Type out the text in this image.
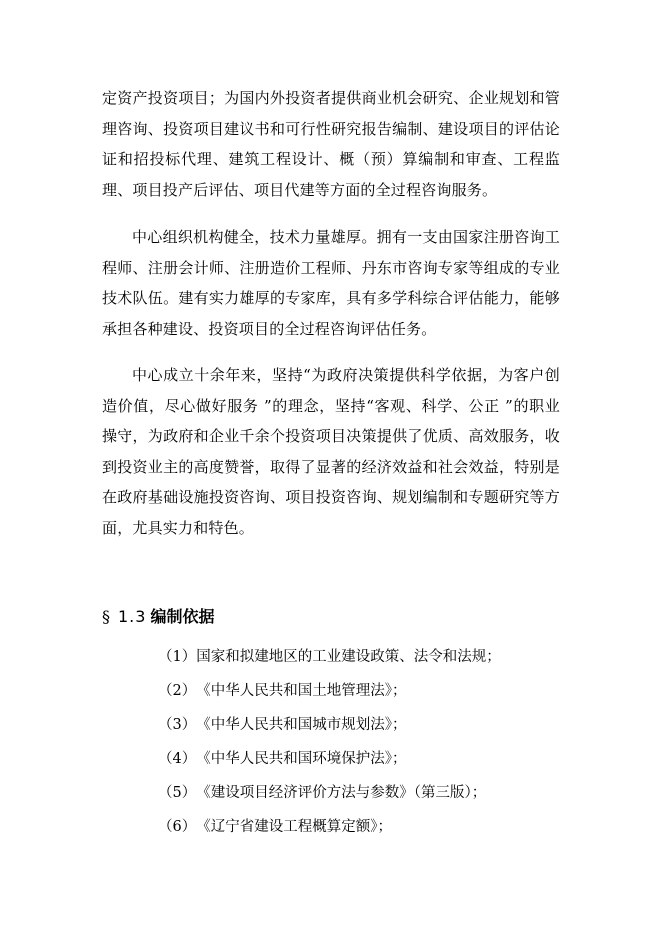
定资产投资项目；为国内外投资者提供商业机会研究、企业规划和管理咨询、投资项目建议书和可行性研究报告编制、建设项目的评估论证和招投标代理、建筑工程设计、概（预）算编制和审查、工程监理、项目投产后评估、项目代建等方面的全过程咨询服务。

中心组织机构健全，技术力量雄厚。拥有一支由国家注册咨询工程师、注册会计师、注册造价工程师、丹东市咨询专家等组成的专业技术队伍。建有实力雄厚的专家库，具有多学科综合评估能力，能够承担各种建设、投资项目的全过程咨询评估任务。

中心成立十余年来，坚持“为政府决策提供科学依据，为客户创造价值，尽心做好服务 ”的理念，坚持“客观、科学、公正 ”的职业操守，为政府和企业千余个投资项目决策提供了优质、高效服务，收到投资业主的高度赞誉，取得了显著的经济效益和社会效益，特别是在政府基础设施投资咨询、项目投资咨询、规划编制和专题研究等方面，尤具实力和特色。

§ 1.3 编制依据
（1）国家和拟建地区的工业建设政策、法令和法规；
（2）《中华人民共和国土地管理法》；
（3）《中华人民共和国城市规划法》；
（4）《中华人民共和国环境保护法》；
（5）《建设项目经济评价方法与参数》（第三版）；
（6）《辽宁省建设工程概算定额》；
